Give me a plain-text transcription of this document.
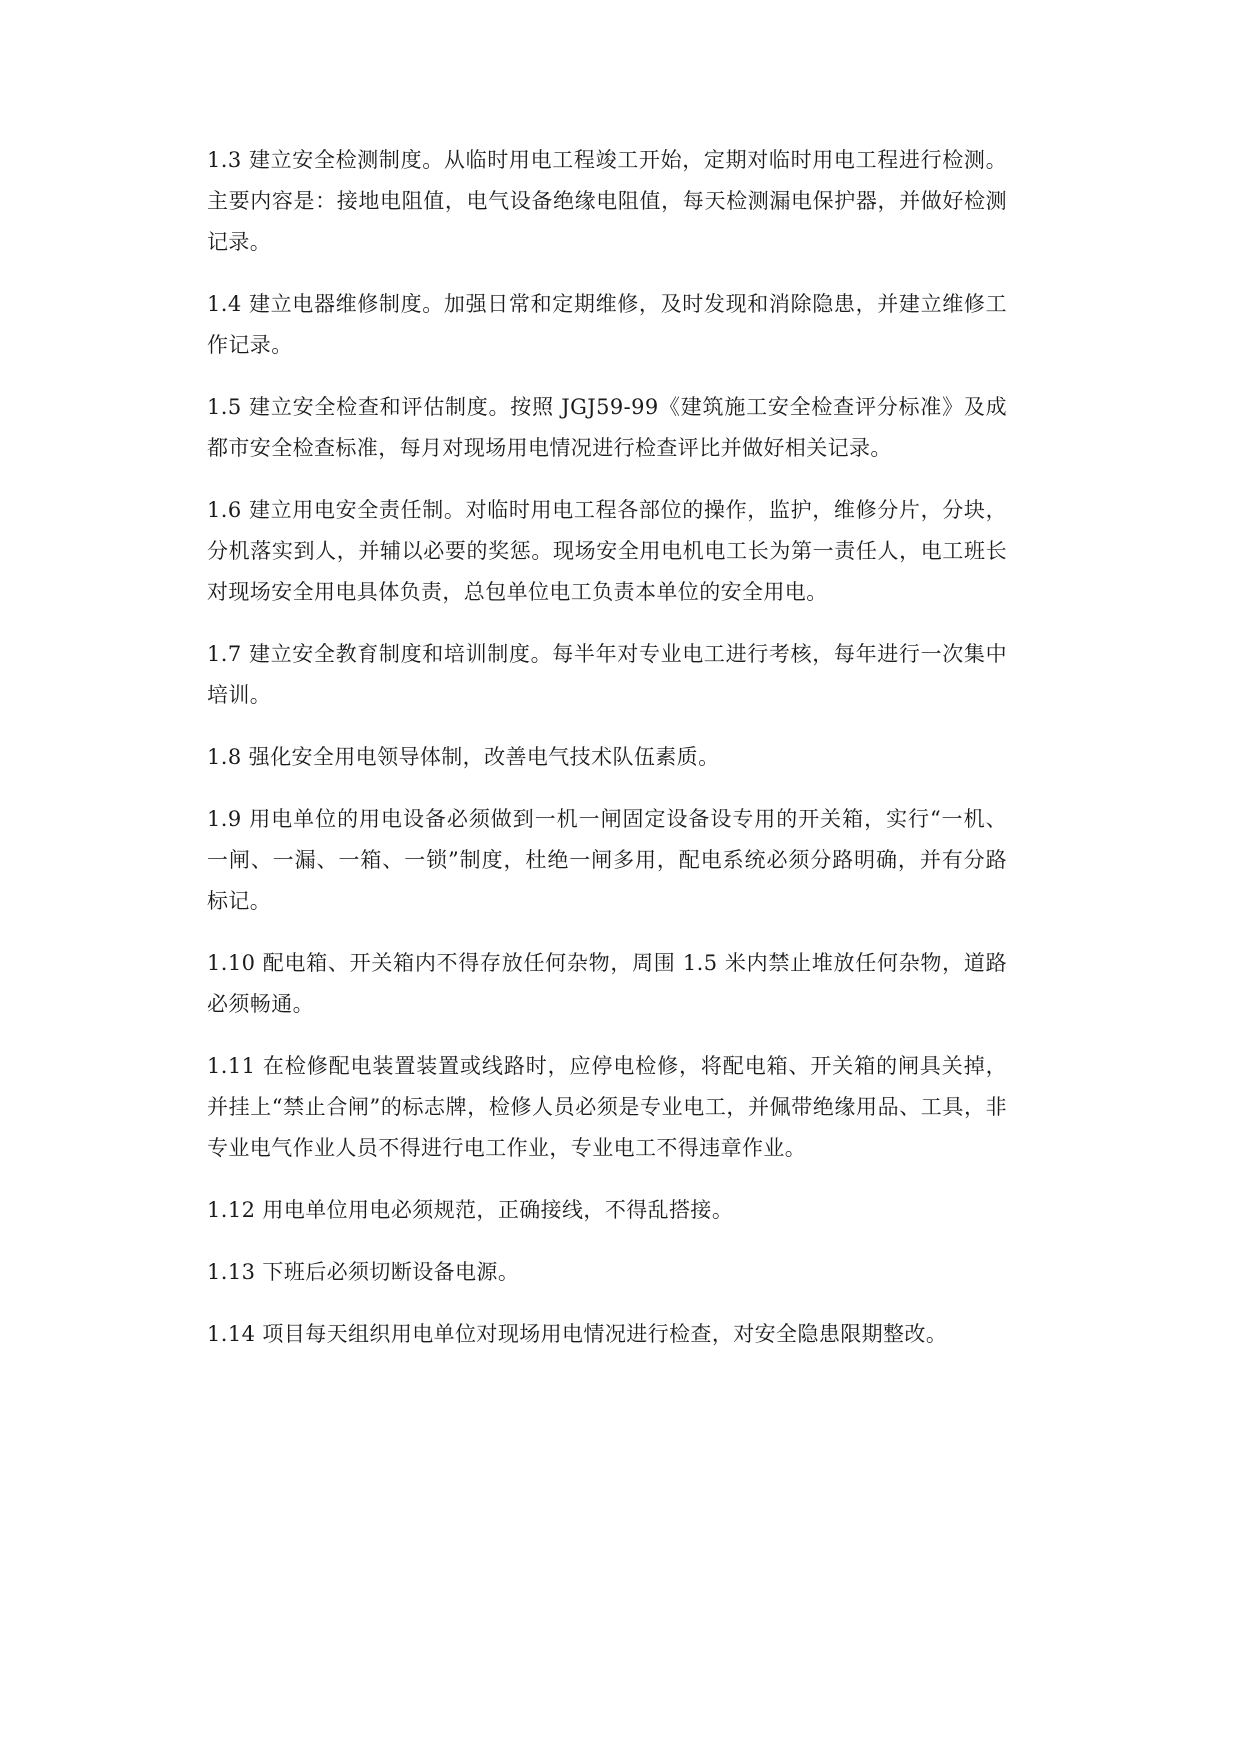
1.3 建立安全检测制度。从临时用电工程竣工开始，定期对临时用电工程进行检测。主要内容是：接地电阻值，电气设备绝缘电阻值，每天检测漏电保护器，并做好检测记录。

1.4 建立电器维修制度。加强日常和定期维修，及时发现和消除隐患，并建立维修工作记录。

1.5 建立安全检查和评估制度。按照 JGJ59-99《建筑施工安全检查评分标准》及成都市安全检查标准，每月对现场用电情况进行检查评比并做好相关记录。

1.6 建立用电安全责任制。对临时用电工程各部位的操作，监护，维修分片，分块，分机落实到人，并辅以必要的奖惩。现场安全用电机电工长为第一责任人，电工班长对现场安全用电具体负责，总包单位电工负责本单位的安全用电。

1.7 建立安全教育制度和培训制度。每半年对专业电工进行考核，每年进行一次集中培训。

1.8 强化安全用电领导体制，改善电气技术队伍素质。

1.9 用电单位的用电设备必须做到一机一闸固定设备设专用的开关箱，实行“一机、一闸、一漏、一箱、一锁”制度，杜绝一闸多用，配电系统必须分路明确，并有分路标记。

1.10 配电箱、开关箱内不得存放任何杂物，周围 1.5 米内禁止堆放任何杂物，道路必须畅通。

1.11 在检修配电装置装置或线路时，应停电检修，将配电箱、开关箱的闸具关掉，并挂上“禁止合闸”的标志牌，检修人员必须是专业电工，并佩带绝缘用品、工具，非专业电气作业人员不得进行电工作业，专业电工不得违章作业。

1.12 用电单位用电必须规范，正确接线，不得乱搭接。

1.13 下班后必须切断设备电源。

1.14 项目每天组织用电单位对现场用电情况进行检查，对安全隐患限期整改。
